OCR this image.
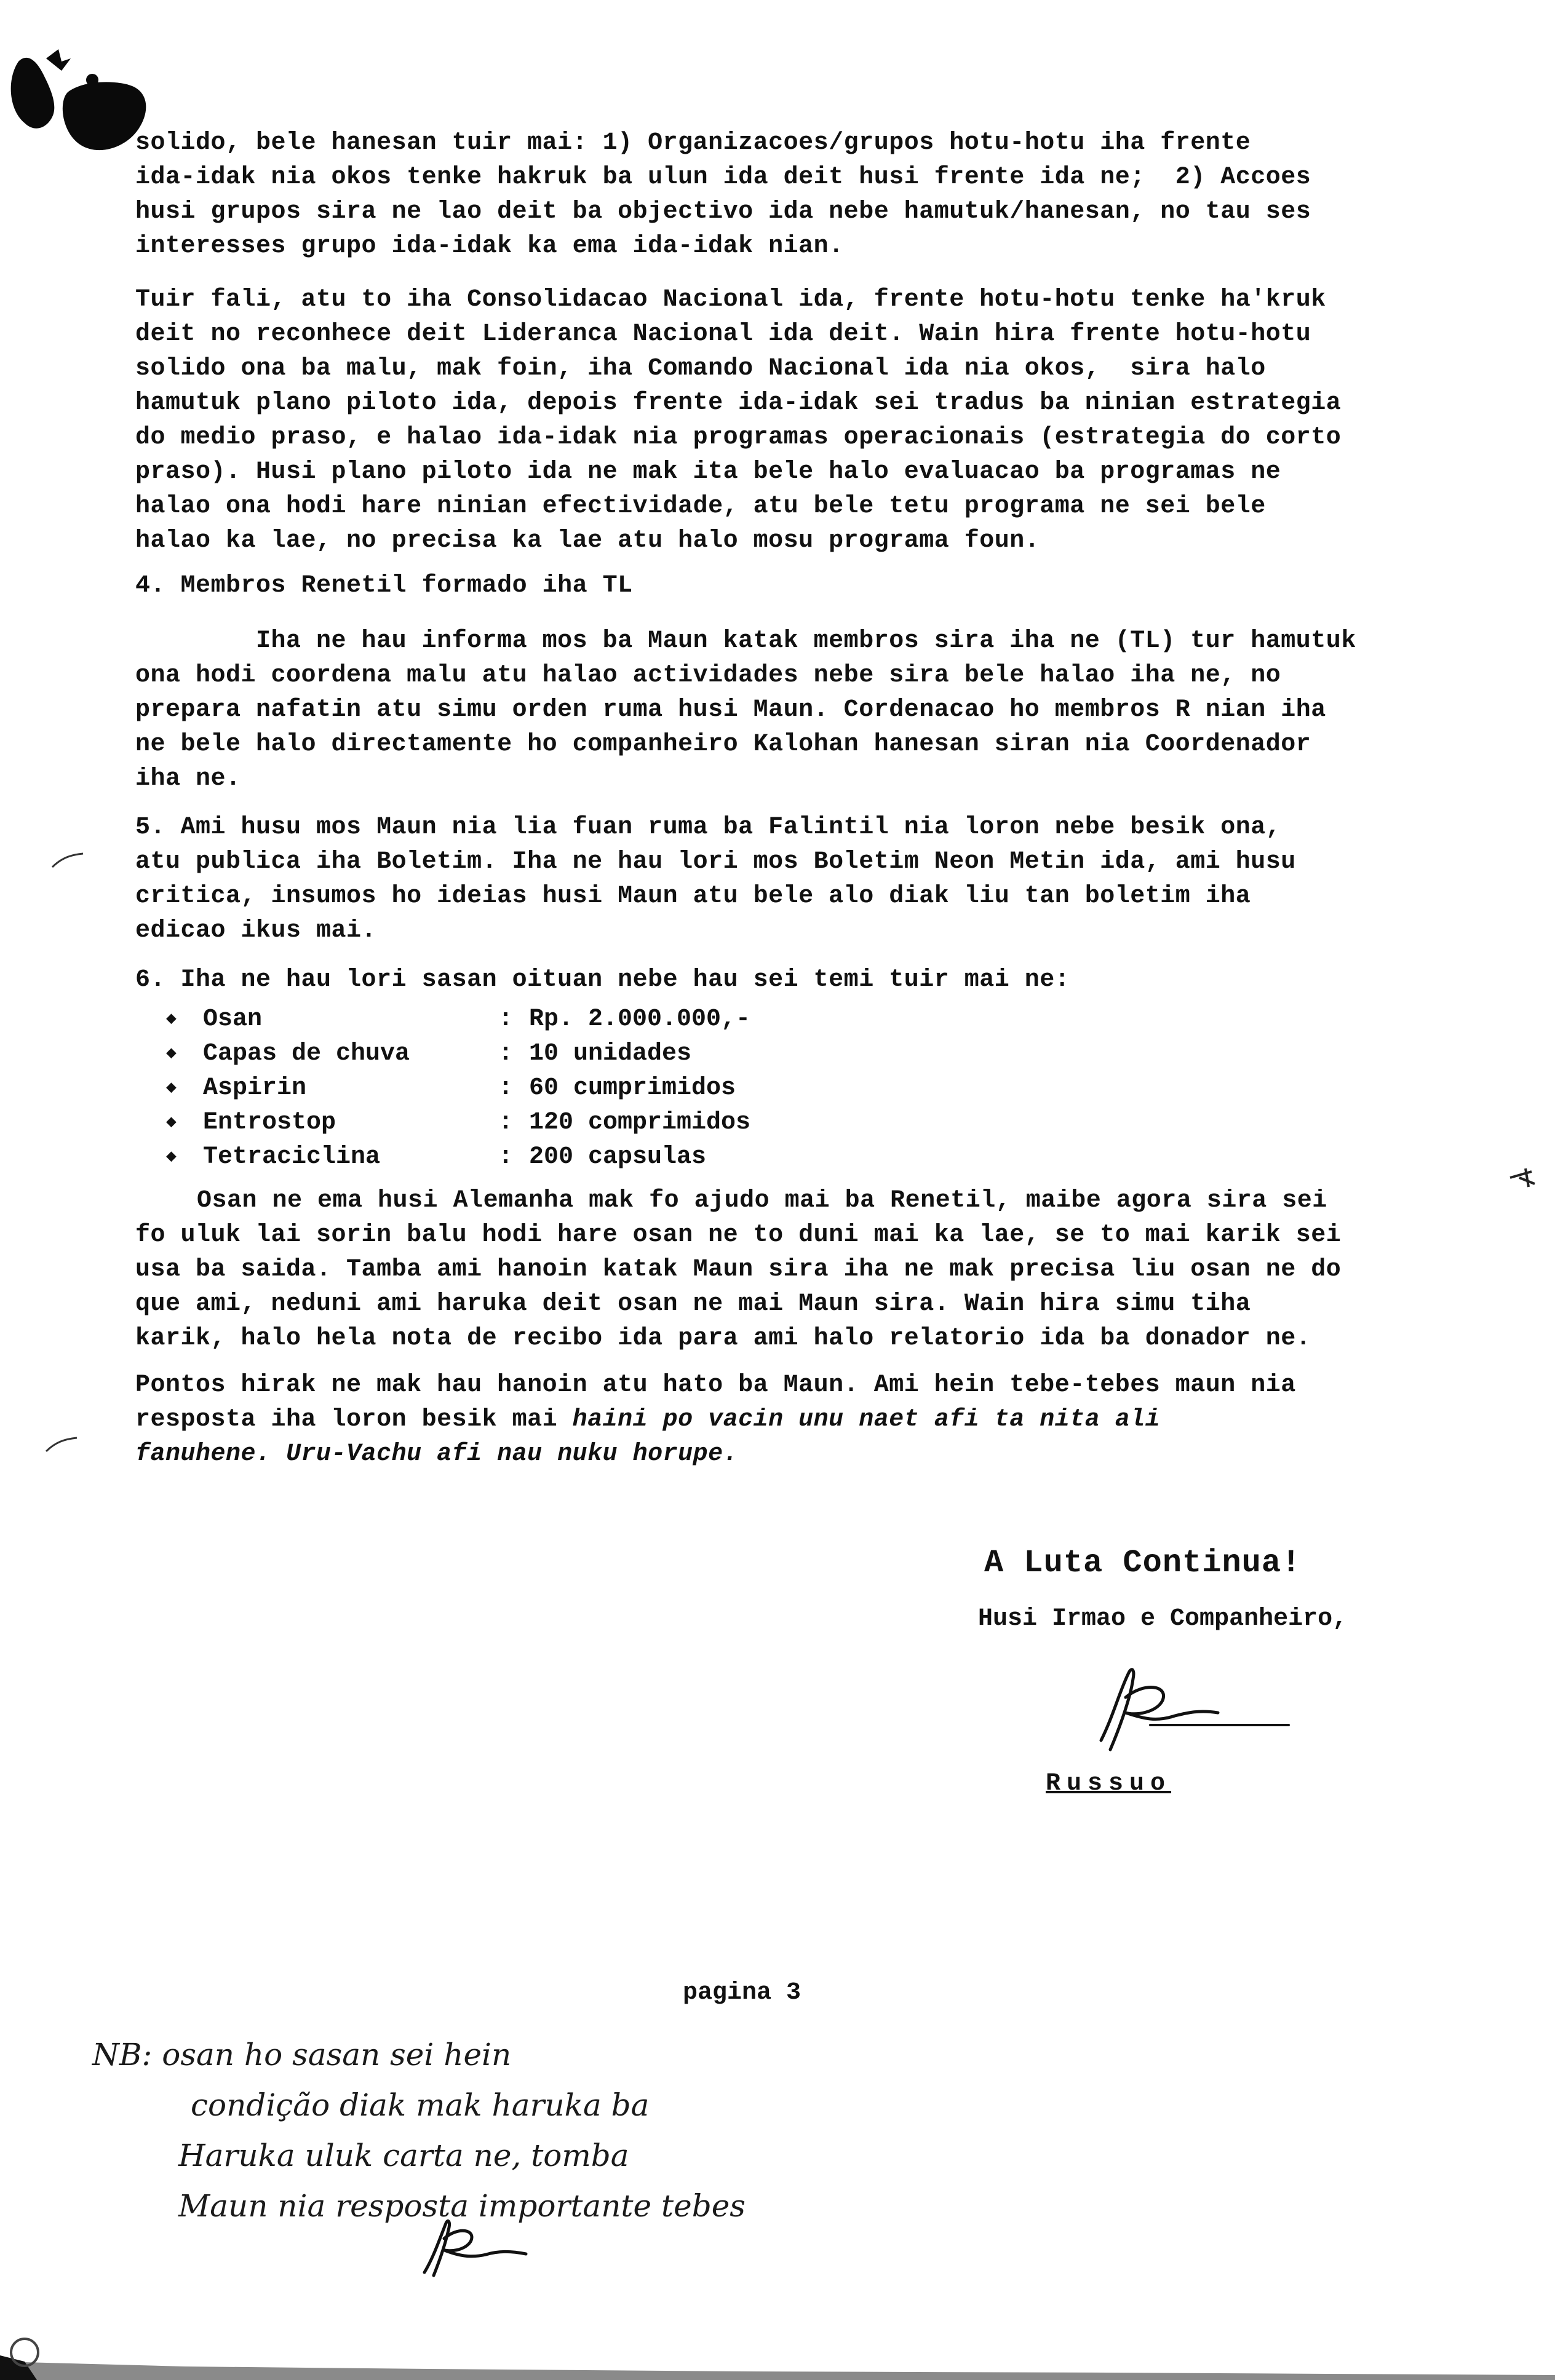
solido, bele hanesan tuir mai: 1) Organizacoes/grupos hotu-hotu iha frente
ida-idak nia okos tenke hakruk ba ulun ida deit husi frente ida ne;  2) Accoes
husi grupos sira ne lao deit ba objectivo ida nebe hamutuk/hanesan, no tau ses
interesses grupo ida-idak ka ema ida-idak nian.
Tuir fali, atu to iha Consolidacao Nacional ida, frente hotu-hotu tenke ha'kruk
deit no reconhece deit Lideranca Nacional ida deit. Wain hira frente hotu-hotu
solido ona ba malu, mak foin, iha Comando Nacional ida nia okos,  sira halo
hamutuk plano piloto ida, depois frente ida-idak sei tradus ba ninian estrategia
do medio praso, e halao ida-idak nia programas operacionais (estrategia do corto
praso). Husi plano piloto ida ne mak ita bele halo evaluacao ba programas ne
halao ona hodi hare ninian efectividade, atu bele tetu programa ne sei bele
halao ka lae, no precisa ka lae atu halo mosu programa foun.
4. Membros Renetil formado iha TL
Iha ne hau informa mos ba Maun katak membros sira iha ne (TL) tur hamutuk
ona hodi coordena malu atu halao actividades nebe sira bele halao iha ne, no
prepara nafatin atu simu orden ruma husi Maun. Cordenacao ho membros R nian iha
ne bele halo directamente ho companheiro Kalohan hanesan siran nia Coordenador
iha ne.
5. Ami husu mos Maun nia lia fuan ruma ba Falintil nia loron nebe besik ona,
atu publica iha Boletim. Iha ne hau lori mos Boletim Neon Metin ida, ami husu
critica, insumos ho ideias husi Maun atu bele alo diak liu tan boletim iha
edicao ikus mai.
6. Iha ne hau lori sasan oituan nebe hau sei temi tuir mai ne:
◆	Osan	: Rp. 2.000.000,-
◆	Capas de chuva	: 10 unidades
◆	Aspirin	: 60 cumprimidos
◆	Entrostop	: 120 comprimidos
◆	Tetraciclina	: 200 capsulas
Osan ne ema husi Alemanha mak fo ajudo mai ba Renetil, maibe agora sira sei
fo uluk lai sorin balu hodi hare osan ne to duni mai ka lae, se to mai karik sei
usa ba saida. Tamba ami hanoin katak Maun sira iha ne mak precisa liu osan ne do
que ami, neduni ami haruka deit osan ne mai Maun sira. Wain hira simu tiha
karik, halo hela nota de recibo ida para ami halo relatorio ida ba donador ne.
Pontos hirak ne mak hau hanoin atu hato ba Maun. Ami hein tebe-tebes maun nia
resposta iha loron besik mai haini po vacin unu naet afi ta nita ali
fanuhene. Uru-Vachu afi nau nuku horupe.
A Luta Continua!
Husi Irmao e Companheiro,
Russuo
pagina 3
NB: osan ho sasan sei hein
condição diak mak haruka ba
Haruka uluk carta ne, tomba
Maun nia resposta importante tebes
